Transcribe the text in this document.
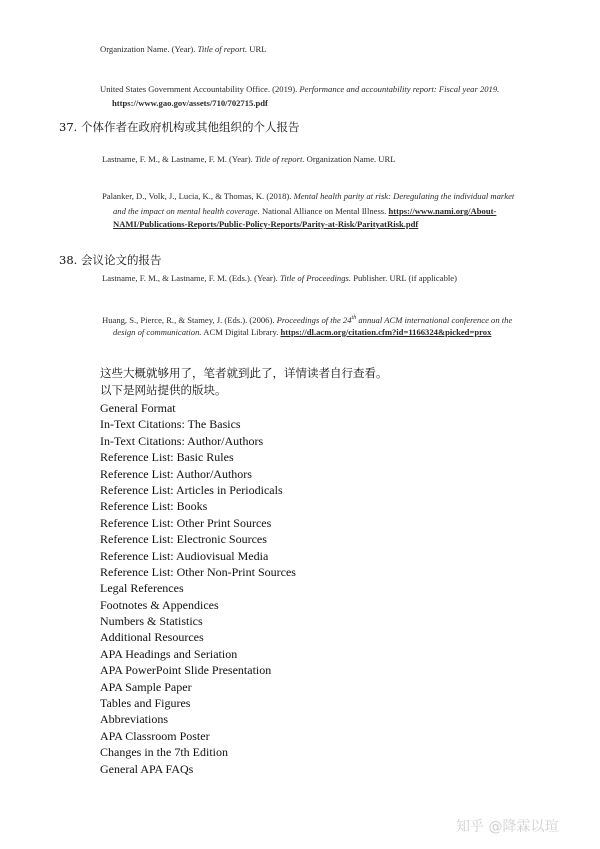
Organization Name. (Year). Title of report. URL
United States Government Accountability Office. (2019). Performance and accountability report: Fiscal year 2019.
https://www.gao.gov/assets/710/702715.pdf
37. 个体作者在政府机构或其他组织的个人报告
Lastname, F. M., & Lastname, F. M. (Year). Title of report. Organization Name. URL
Palanker, D., Volk, J., Lucia, K., & Thomas, K. (2018). Mental health parity at risk: Deregulating the individual market
and the impact on mental health coverage. National Alliance on Mental Illness. https://www.nami.org/About-
NAMI/Publications-Reports/Public-Policy-Reports/Parity-at-Risk/ParityatRisk.pdf
38. 会议论文的报告
Lastname, F. M., & Lastname, F. M. (Eds.). (Year). Title of Proceedings. Publisher. URL (if applicable)
Huang, S., Pierce, R., & Stamey, J. (Eds.). (2006). Proceedings of the 24th annual ACM international conference on the
design of communication. ACM Digital Library. https://dl.acm.org/citation.cfm?id=1166324&picked=prox
这些大概就够用了，笔者就到此了，详情读者自行查看。
以下是网站提供的版块。
General Format
In-Text Citations: The Basics
In-Text Citations: Author/Authors
Reference List: Basic Rules
Reference List: Author/Authors
Reference List: Articles in Periodicals
Reference List: Books
Reference List: Other Print Sources
Reference List: Electronic Sources
Reference List: Audiovisual Media
Reference List: Other Non-Print Sources
Legal References
Footnotes & Appendices
Numbers & Statistics
Additional Resources
APA Headings and Seriation
APA PowerPoint Slide Presentation
APA Sample Paper
Tables and Figures
Abbreviations
APA Classroom Poster
Changes in the 7th Edition
General APA FAQs
知乎 @降霖以瑄
